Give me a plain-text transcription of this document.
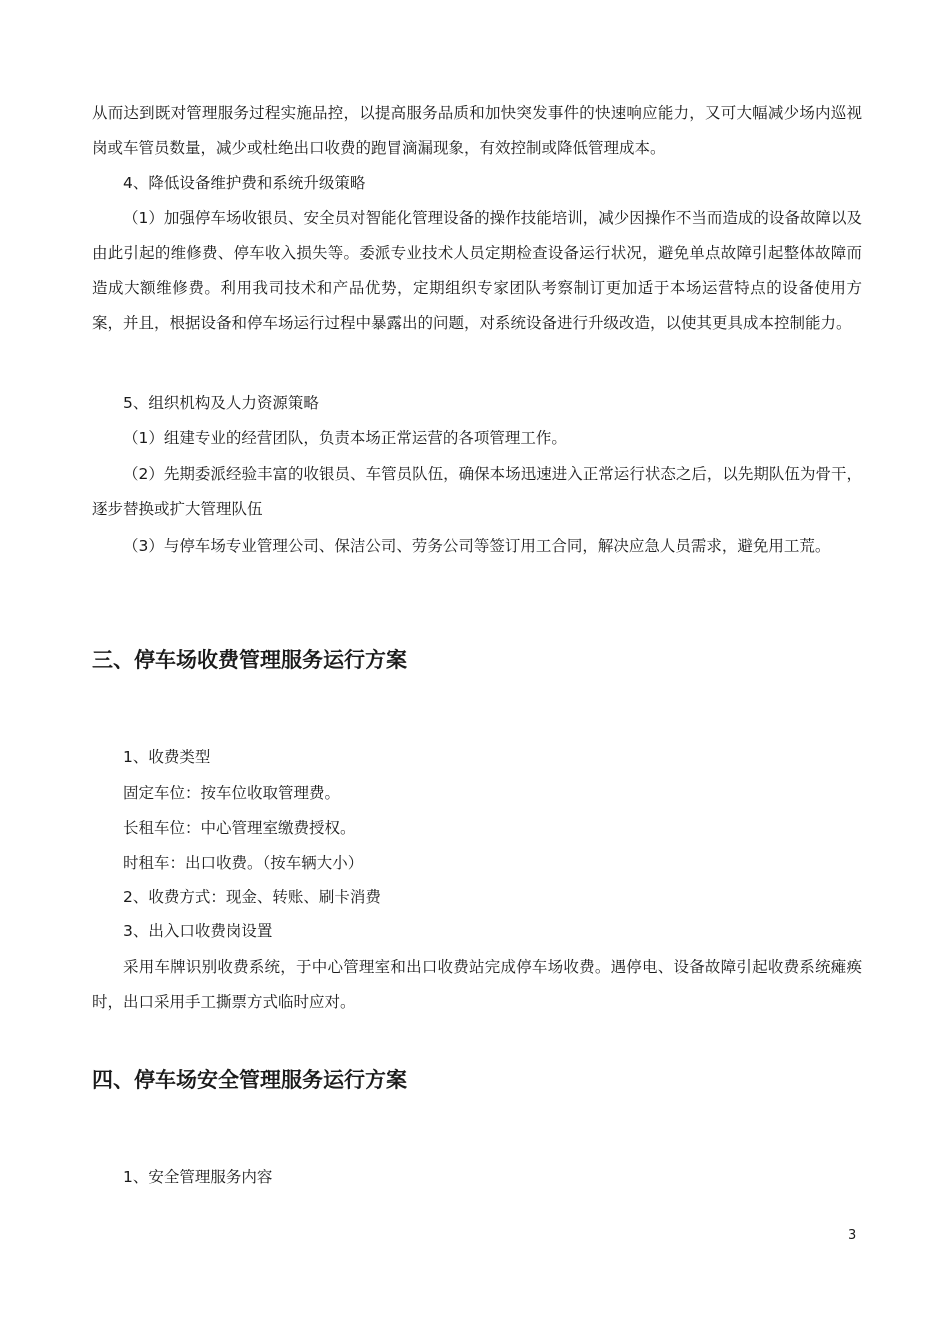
从而达到既对管理服务过程实施品控，以提高服务品质和加快突发事件的快速响应能力，又可大幅减少场内巡视岗或车管员数量，减少或杜绝出口收费的跑冒滴漏现象，有效控制或降低管理成本。

4、降低设备维护费和系统升级策略

（1）加强停车场收银员、安全员对智能化管理设备的操作技能培训，减少因操作不当而造成的设备故障以及由此引起的维修费、停车收入损失等。委派专业技术人员定期检查设备运行状况，避免单点故障引起整体故障而造成大额维修费。利用我司技术和产品优势，定期组织专家团队考察制订更加适于本场运营特点的设备使用方案，并且，根据设备和停车场运行过程中暴露出的问题，对系统设备进行升级改造，以使其更具成本控制能力。

5、组织机构及人力资源策略

（1）组建专业的经营团队，负责本场正常运营的各项管理工作。

（2）先期委派经验丰富的收银员、车管员队伍，确保本场迅速进入正常运行状态之后，以先期队伍为骨干，逐步替换或扩大管理队伍

（3）与停车场专业管理公司、保洁公司、劳务公司等签订用工合同，解决应急人员需求，避免用工荒。

三、停车场收费管理服务运行方案

1、收费类型

固定车位：按车位收取管理费。

长租车位：中心管理室缴费授权。

时租车：出口收费。（按车辆大小）

2、收费方式：现金、转账、刷卡消费

3、出入口收费岗设置

采用车牌识别收费系统，于中心管理室和出口收费站完成停车场收费。遇停电、设备故障引起收费系统瘫痪时，出口采用手工撕票方式临时应对。

四、停车场安全管理服务运行方案

1、安全管理服务内容

3
